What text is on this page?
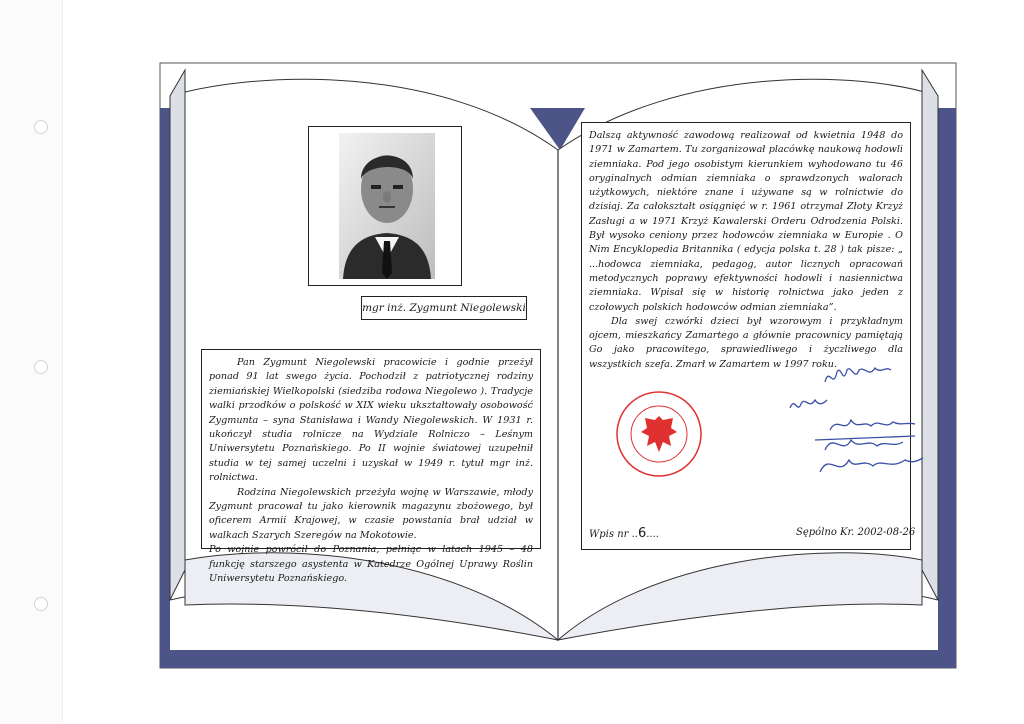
mgr inż. Zygmunt Niegolewski

Pan Zygmunt Niegolewski pracowicie i godnie przeżył ponad 91 lat swego życia. Pochodził z patriotycznej rodziny ziemiańskiej Wielkopolski (siedziba rodowa Niegolewo ). Tradycje walki przodków o polskość w XIX wieku ukształtowały osobowość Zygmunta – syna Stanisława i Wandy Niegolewskich. W 1931 r. ukończył studia rolnicze na Wydziale Rolniczo – Leśnym Uniwersytetu Poznańskiego. Po II wojnie światowej uzupełnił studia w tej samej uczelni i uzyskał w 1949 r. tytuł mgr inż. rolnictwa.

Rodzina Niegolewskich przeżyła wojnę w Warszawie, młody Zygmunt pracował tu jako kierownik magazynu zbożowego, był oficerem Armii Krajowej, w czasie powstania brał udział w walkach Szarych Szeregów na Mokotowie.

Po wojnie powrócił do Poznania, pełniąc w latach 1945 – 48 funkcję starszego asystenta w Katedrze Ogólnej Uprawy Roślin Uniwersytetu Poznańskiego.

Dalszą aktywność zawodową realizował od kwietnia 1948 do 1971 w Zamartem. Tu zorganizował placówkę naukową hodowli ziemniaka. Pod jego osobistym kierunkiem wyhodowano tu 46 oryginalnych odmian ziemniaka o sprawdzonych walorach użytkowych, niektóre znane i używane są w rolnictwie do dzisiaj. Za całokształt osiągnięć w r. 1961 otrzymał Złoty Krzyż Zasługi a w 1971 Krzyż Kawalerski Orderu Odrodzenia Polski. Był wysoko ceniony przez hodowców ziemniaka w Europie . O Nim Encyklopedia Britannika ( edycja polska t. 28 ) tak pisze: „ ...hodowca ziemniaka, pedagog, autor licznych opracowań metodycznych poprawy efektywności hodowli i nasiennictwa ziemniaka. Wpisał się w historię rolnictwa jako jeden z czołowych polskich hodowców odmian ziemniaka”.

Dla swej czwórki dzieci był wzorowym i przykładnym ojcem, mieszkańcy Zamartego a głównie pracownicy pamiętają Go jako pracowitego, sprawiedliwego i życzliwego dla wszystkich szefa. Zmarł w Zamartem w 1997 roku.

Wpis nr ..6....	Sępólno Kr. 2002-08-26
